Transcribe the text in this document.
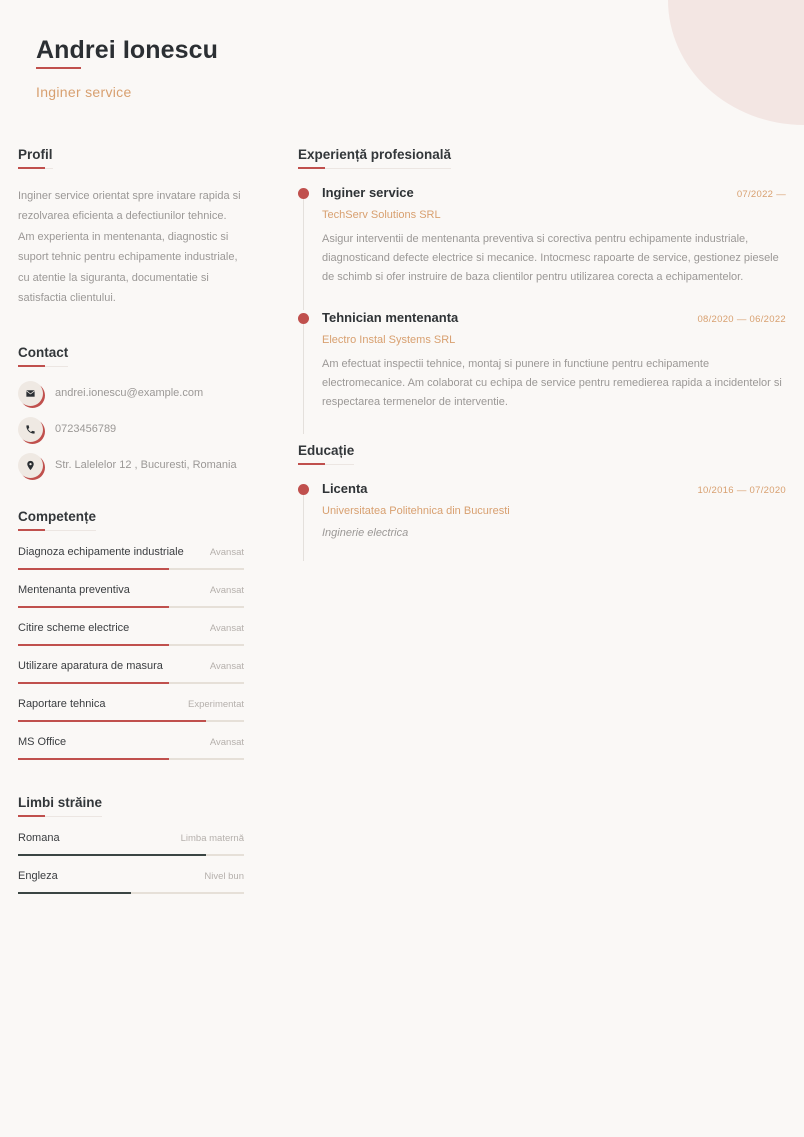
Andrei Ionescu
Inginer service
Profil

Inginer service orientat spre invatare rapida si rezolvarea eficienta a defectiunilor tehnice. Am experienta in mentenanta, diagnostic si suport tehnic pentru echipamente industriale, cu atentie la siguranta, documentatie si satisfactia clientului.

Contact
andrei.ionescu@example.com
0723456789
Str. Lalelelor 12 , Bucuresti, Romania
Competențe
Diagnoza echipamente industriale	Avansat
Mentenanta preventiva	Avansat
Citire scheme electrice	Avansat
Utilizare aparatura de masura	Avansat
Raportare tehnica	Experimentat
MS Office	Avansat
Limbi străine
Romana	Limba maternă
Engleza	Nivel bun
Experiență profesională
Inginer service	07/2022 —
TechServ Solutions SRL

Asigur interventii de mentenanta preventiva si corectiva pentru echipamente industriale, diagnosticand defecte electrice si mecanice. Intocmesc rapoarte de service, gestionez piesele de schimb si ofer instruire de baza clientilor pentru utilizarea corecta a echipamentelor.

Tehnician mentenanta	08/2020 — 06/2022
Electro Instal Systems SRL

Am efectuat inspectii tehnice, montaj si punere in functiune pentru echipamente electromecanice. Am colaborat cu echipa de service pentru remedierea rapida a incidentelor si respectarea termenelor de interventie.

Educație
Licenta	10/2016 — 07/2020
Universitatea Politehnica din Bucuresti
Inginerie electrica
